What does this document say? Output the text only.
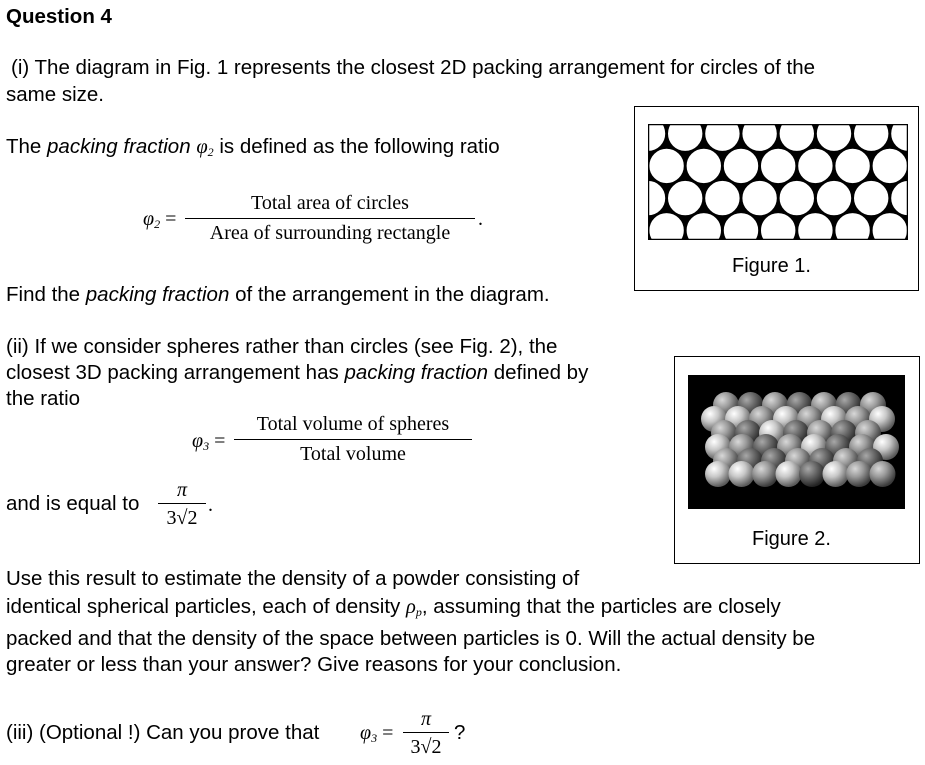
Question 4
(i) The diagram in Fig. 1 represents the closest 2D packing arrangement for circles of the
same size.
The packing fraction $\varphi_2$ is defined as the following ratio
$\varphi_2$ =
Total area of circles
Area of surrounding rectangle
.
Find the packing fraction of the arrangement in the diagram.
Figure 1.
(ii) If we consider spheres rather than circles (see Fig. 2), the
closest 3D packing arrangement has packing fraction defined by
the ratio
$\varphi_3$ =
Total volume of spheres
Total volume
and is equal to $\frac{\pi}{3√2}$ .
Figure 2.
Use this result to estimate the density of a powder consisting of
identical spherical particles, each of density $\rho_p$, assuming that the particles are closely
packed and that the density of the space between particles is 0. Will the actual density be
greater or less than your answer? Give reasons for your conclusion.
(iii) (Optional !) Can you prove that $\varphi_3 = \frac{\pi}{3√2}$ ?
